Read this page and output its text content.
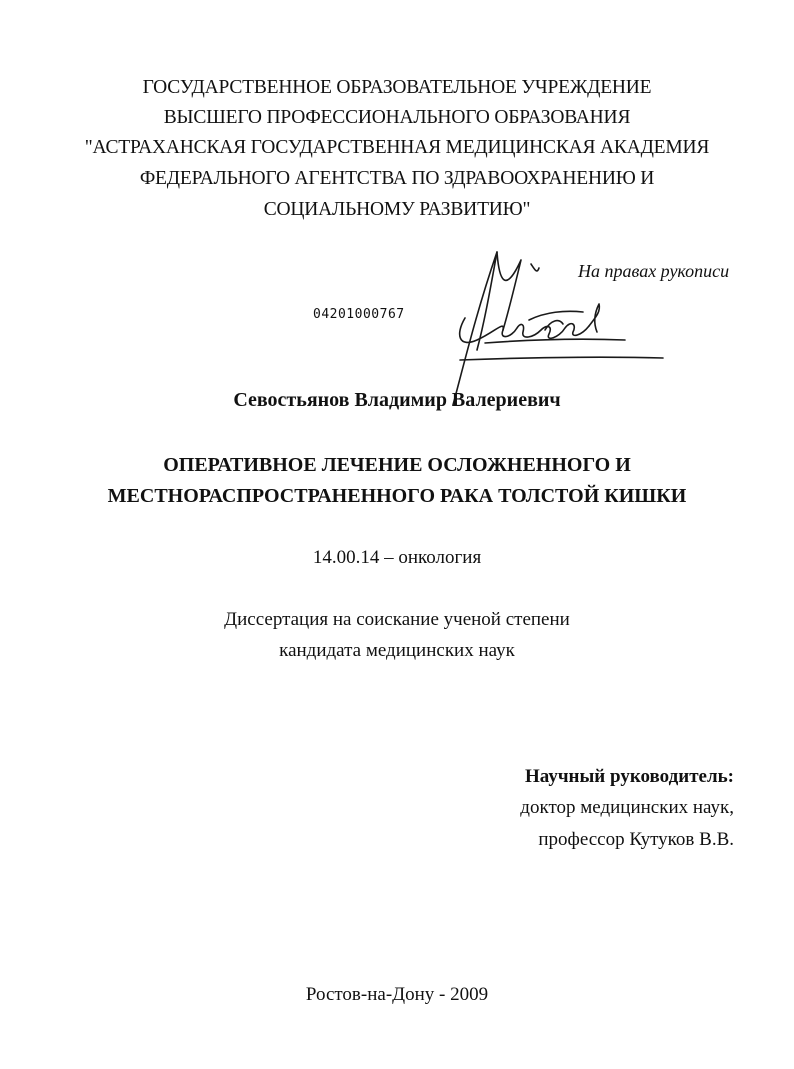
ГОСУДАРСТВЕННОЕ ОБРАЗОВАТЕЛЬНОЕ УЧРЕЖДЕНИЕ
ВЫСШЕГО ПРОФЕССИОНАЛЬНОГО ОБРАЗОВАНИЯ
"АСТРАХАНСКАЯ ГОСУДАРСТВЕННАЯ МЕДИЦИНСКАЯ АКАДЕМИЯ
ФЕДЕРАЛЬНОГО АГЕНТСТВА ПО ЗДРАВООХРАНЕНИЮ И
СОЦИАЛЬНОМУ РАЗВИТИЮ"
На правах рукописи
04201000767
Севостьянов Владимир Валериевич
ОПЕРАТИВНОЕ ЛЕЧЕНИЕ ОСЛОЖНЕННОГО И
МЕСТНОРАСПРОСТРАНЕННОГО РАКА ТОЛСТОЙ КИШКИ
14.00.14 – онкология
Диссертация на соискание ученой степени
кандидата медицинских наук
Научный руководитель:
доктор медицинских наук,
профессор Кутуков В.В.
Ростов-на-Дону - 2009
